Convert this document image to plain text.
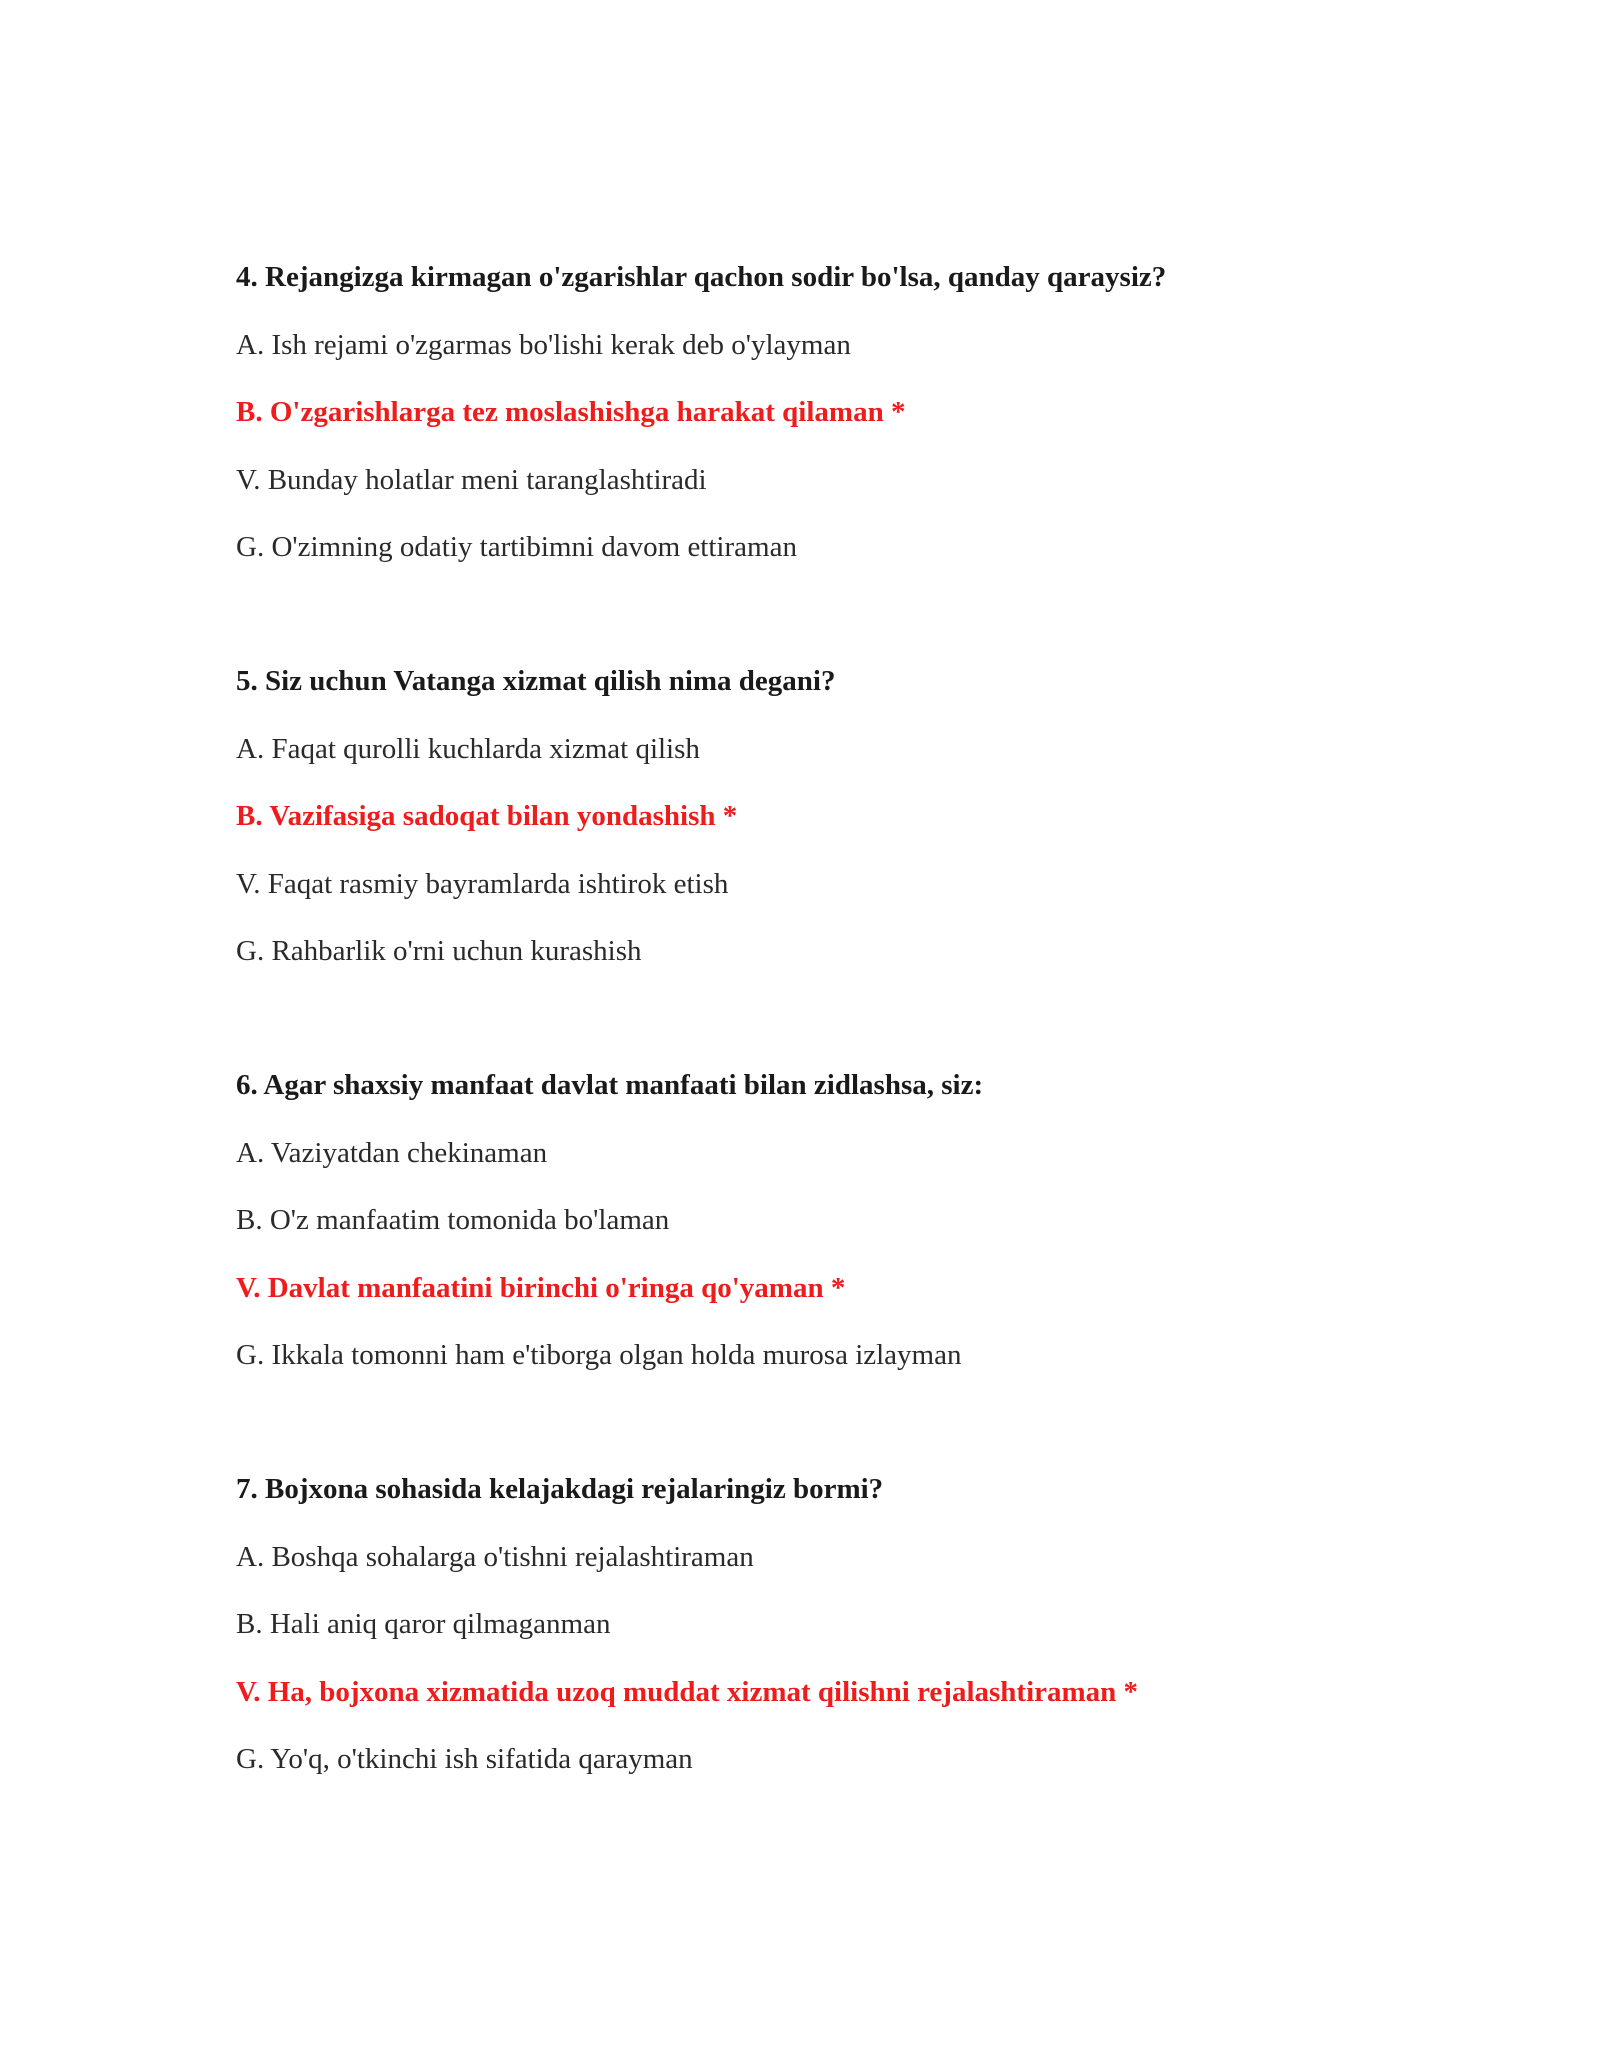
4. Rejangizga kirmagan o'zgarishlar qachon sodir bo'lsa, qanday qaraysiz?
A. Ish rejami o'zgarmas bo'lishi kerak deb o'ylayman
B. O'zgarishlarga tez moslashishga harakat qilaman *
V. Bunday holatlar meni taranglashtiradi
G. O'zimning odatiy tartibimni davom ettiraman
5. Siz uchun Vatanga xizmat qilish nima degani?
A. Faqat qurolli kuchlarda xizmat qilish
B. Vazifasiga sadoqat bilan yondashish *
V. Faqat rasmiy bayramlarda ishtirok etish
G. Rahbarlik o'rni uchun kurashish
6. Agar shaxsiy manfaat davlat manfaati bilan zidlashsa, siz:
A. Vaziyatdan chekinaman
B. O'z manfaatim tomonida bo'laman
V. Davlat manfaatini birinchi o'ringa qo'yaman *
G. Ikkala tomonni ham e'tiborga olgan holda murosa izlayman
7. Bojxona sohasida kelajakdagi rejalaringiz bormi?
A. Boshqa sohalarga o'tishni rejalashtiraman
B. Hali aniq qaror qilmaganman
V. Ha, bojxona xizmatida uzoq muddat xizmat qilishni rejalashtiraman *
G. Yo'q, o'tkinchi ish sifatida qarayman
